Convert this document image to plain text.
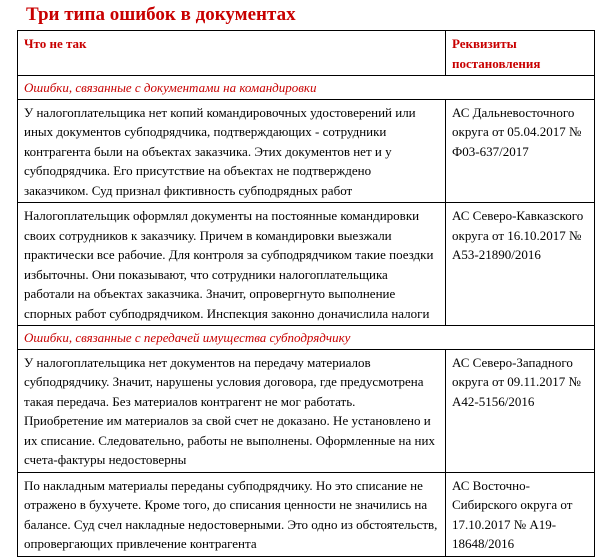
Три типа ошибок в документах
Что не так	Реквизиты постановления
Ошибки, связанные с документами на командировки	
У налогоплательщика нет копий командировочных удостоверений или иных документов субподрядчика, подтверждающих - сотрудники контрагента были на объектах заказчика. Этих документов нет и у субподрядчика. Его присутствие на объектах не подтверждено заказчиком. Суд признал фиктивность субподрядных работ	АС Дальневосточного округа от 05.04.2017 № Ф03-637/2017
Налогоплательщик оформлял документы на постоянные командировки своих сотрудников к заказчику. Причем в командировки выезжали практически все рабочие. Для контроля за субподрядчиком такие поездки избыточны. Они показывают, что сотрудники налогоплательщика работали на объектах заказчика. Значит, опровергнуто выполнение спорных работ субподрядчиком. Инспекция законно доначислила налоги	АС Северо-Кавказского округа от 16.10.2017 № А53-21890/2016
Ошибки, связанные с передачей имущества субподрядчику	
У налогоплательщика нет документов на передачу материалов субподрядчику. Значит, нарушены условия договора, где предусмотрена такая передача. Без материалов контрагент не мог работать. Приобретение им материалов за свой счет не доказано. Не установлено и их списание. Следовательно, работы не выполнены. Оформленные на них счета-фактуры недостоверны	АС Северо-Западного округа от 09.11.2017 № А42-5156/2016
По накладным материалы переданы субподрядчику. Но это списание не отражено в бухучете. Кроме того, до списания ценности не значились на балансе. Суд счел накладные недостоверными. Это одно из обстоятельств, опровергающих привлечение контрагента	АС Восточно-Сибирского округа от 17.10.2017 № А19-18648/2016
